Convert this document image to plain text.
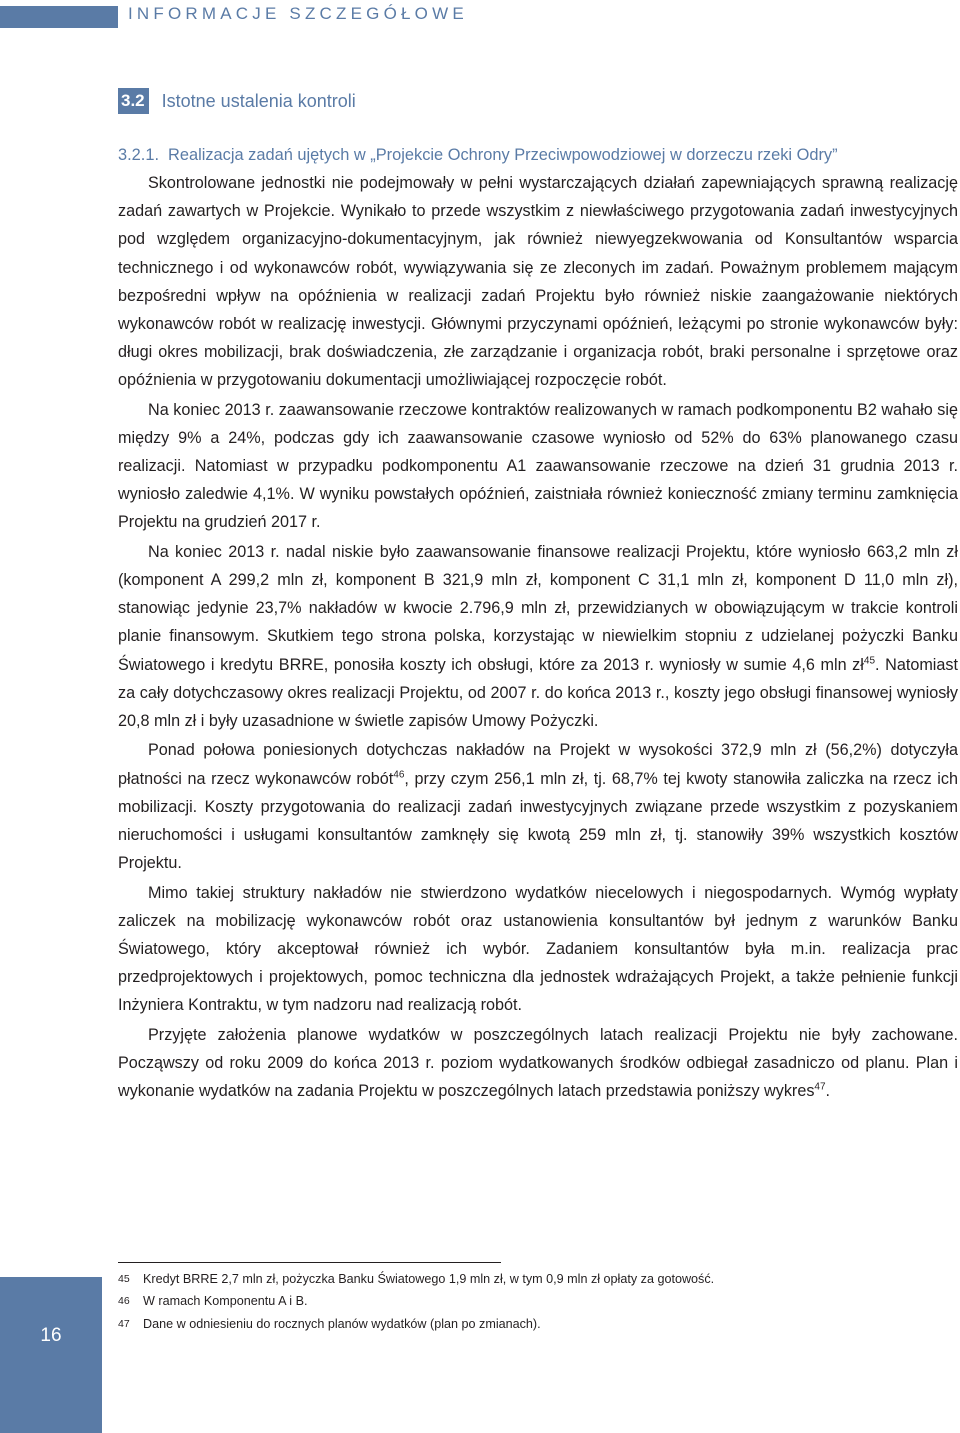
INFORMACJE SZCZEGÓŁOWE
3.2 Istotne ustalenia kontroli
3.2.1. Realizacja zadań ujętych w „Projekcie Ochrony Przeciwpowodziowej w dorzeczu rzeki Odry”

Skontrolowane jednostki nie podejmowały w pełni wystarczających działań zapewniających sprawną realizację zadań zawartych w Projekcie. Wynikało to przede wszystkim z niewłaściwego przygotowania zadań inwestycyjnych pod względem organizacyjno-dokumentacyjnym, jak również niewyegzekwowania od Konsultantów wsparcia technicznego i od wykonawców robót, wywiązywania się ze zleconych im zadań. Poważnym problemem mającym bezpośredni wpływ na opóźnienia w realizacji zadań Projektu było również niskie zaangażowanie niektórych wykonawców robót w realizację inwestycji. Głównymi przyczynami opóźnień, leżącymi po stronie wykonawców były: długi okres mobilizacji, brak doświadczenia, złe zarządzanie i organizacja robót, braki personalne i sprzętowe oraz opóźnienia w przygotowaniu dokumentacji umożliwiającej rozpoczęcie robót.

Na koniec 2013 r. zaawansowanie rzeczowe kontraktów realizowanych w ramach podkomponentu B2 wahało się między 9% a 24%, podczas gdy ich zaawansowanie czasowe wyniosło od 52% do 63% planowanego czasu realizacji. Natomiast w przypadku podkomponentu A1 zaawansowanie rzeczowe na dzień 31 grudnia 2013 r. wyniosło zaledwie 4,1%. W wyniku powstałych opóźnień, zaistniała również konieczność zmiany terminu zamknięcia Projektu na grudzień 2017 r.

Na koniec 2013 r. nadal niskie było zaawansowanie finansowe realizacji Projektu, które wyniosło 663,2 mln zł (komponent A 299,2 mln zł, komponent B 321,9 mln zł, komponent C 31,1 mln zł, komponent D 11,0 mln zł), stanowiąc jedynie 23,7% nakładów w kwocie 2.796,9 mln zł, przewidzianych w obowiązującym w trakcie kontroli planie finansowym. Skutkiem tego strona polska, korzystając w niewielkim stopniu z udzielanej pożyczki Banku Światowego i kredytu BRRE, ponosiła koszty ich obsługi, które za 2013 r. wyniosły w sumie 4,6 mln $zł^{45}$. Natomiast za cały dotychczasowy okres realizacji Projektu, od 2007 r. do końca 2013 r., koszty jego obsługi finansowej wyniosły 20,8 mln zł i były uzasadnione w świetle zapisów Umowy Pożyczki.

Ponad połowa poniesionych dotychczas nakładów na Projekt w wysokości 372,9 mln zł (56,2%) dotyczyła płatności na rzecz wykonawców robót$^{46}$, przy czym 256,1 mln zł, tj. 68,7% tej kwoty stanowiła zaliczka na rzecz ich mobilizacji. Koszty przygotowania do realizacji zadań inwestycyjnych związane przede wszystkim z pozyskaniem nieruchomości i usługami konsultantów zamknęły się kwotą 259 mln zł, tj. stanowiły 39% wszystkich kosztów Projektu.

Mimo takiej struktury nakładów nie stwierdzono wydatków niecelowych i niegospodarnych. Wymóg wypłaty zaliczek na mobilizację wykonawców robót oraz ustanowienia konsultantów był jednym z warunków Banku Światowego, który akceptował również ich wybór. Zadaniem konsultantów była m.in. realizacja prac przedprojektowych i projektowych, pomoc techniczna dla jednostek wdrażających Projekt, a także pełnienie funkcji Inżyniera Kontraktu, w tym nadzoru nad realizacją robót.

Przyjęte założenia planowe wydatków w poszczególnych latach realizacji Projektu nie były zachowane. Począwszy od roku 2009 do końca 2013 r. poziom wydatkowanych środków odbiegał zasadniczo od planu. Plan i wykonanie wydatków na zadania Projektu w poszczególnych latach przedstawia poniższy wykres$^{47}$.

45	Kredyt BRRE 2,7 mln zł, pożyczka Banku Światowego 1,9 mln zł, w tym 0,9 mln zł opłaty za gotowość.
46	W ramach Komponentu A i B.
47	Dane w odniesieniu do rocznych planów wydatków (plan po zmianach).
16
